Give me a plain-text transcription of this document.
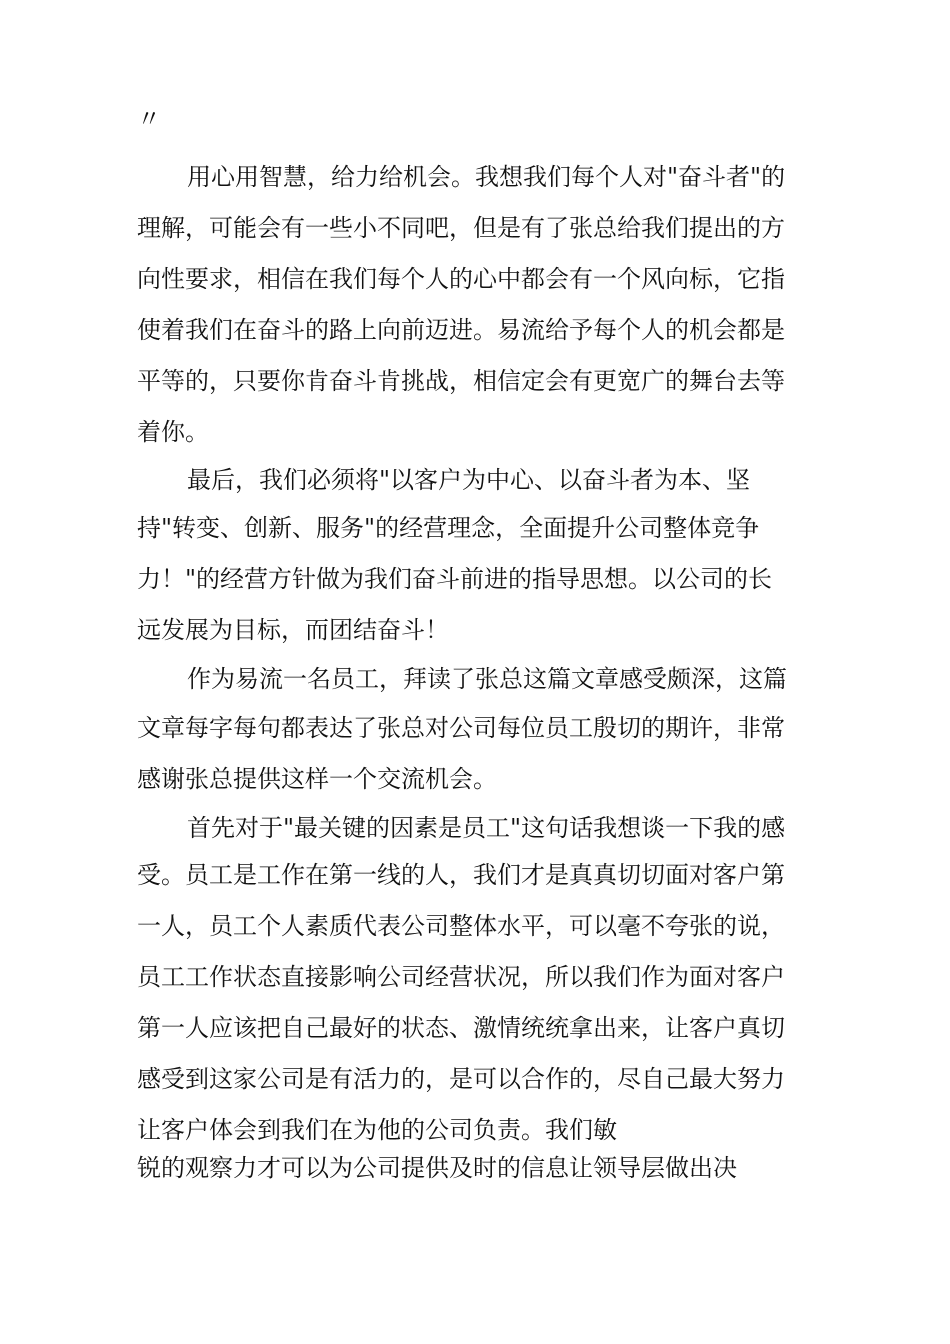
〃
用心用智慧，给力给机会。我想我们每个人对"奋斗者"的
理解，可能会有一些小不同吧，但是有了张总给我们提出的方
向性要求，相信在我们每个人的心中都会有一个风向标，它指
使着我们在奋斗的路上向前迈进。易流给予每个人的机会都是
平等的，只要你肯奋斗肯挑战，相信定会有更宽广的舞台去等
着你。
最后，我们必须将"以客户为中心、以奋斗者为本、坚
持"转变、创新、服务"的经营理念，全面提升公司整体竞争
力！"的经营方针做为我们奋斗前进的指导思想。以公司的长
远发展为目标，而团结奋斗！
作为易流一名员工，拜读了张总这篇文章感受颇深，这篇
文章每字每句都表达了张总对公司每位员工殷切的期许，非常
感谢张总提供这样一个交流机会。
首先对于"最关键的因素是员工"这句话我想谈一下我的感
受。员工是工作在第一线的人，我们才是真真切切面对客户第
一人，员工个人素质代表公司整体水平，可以毫不夸张的说，
员工工作状态直接影响公司经营状况，所以我们作为面对客户
第一人应该把自己最好的状态、激情统统拿出来，让客户真切
感受到这家公司是有活力的，是可以合作的，尽自己最大努力
让客户体会到我们在为他的公司负责。我们敏
锐的观察力才可以为公司提供及时的信息让领导层做出决
